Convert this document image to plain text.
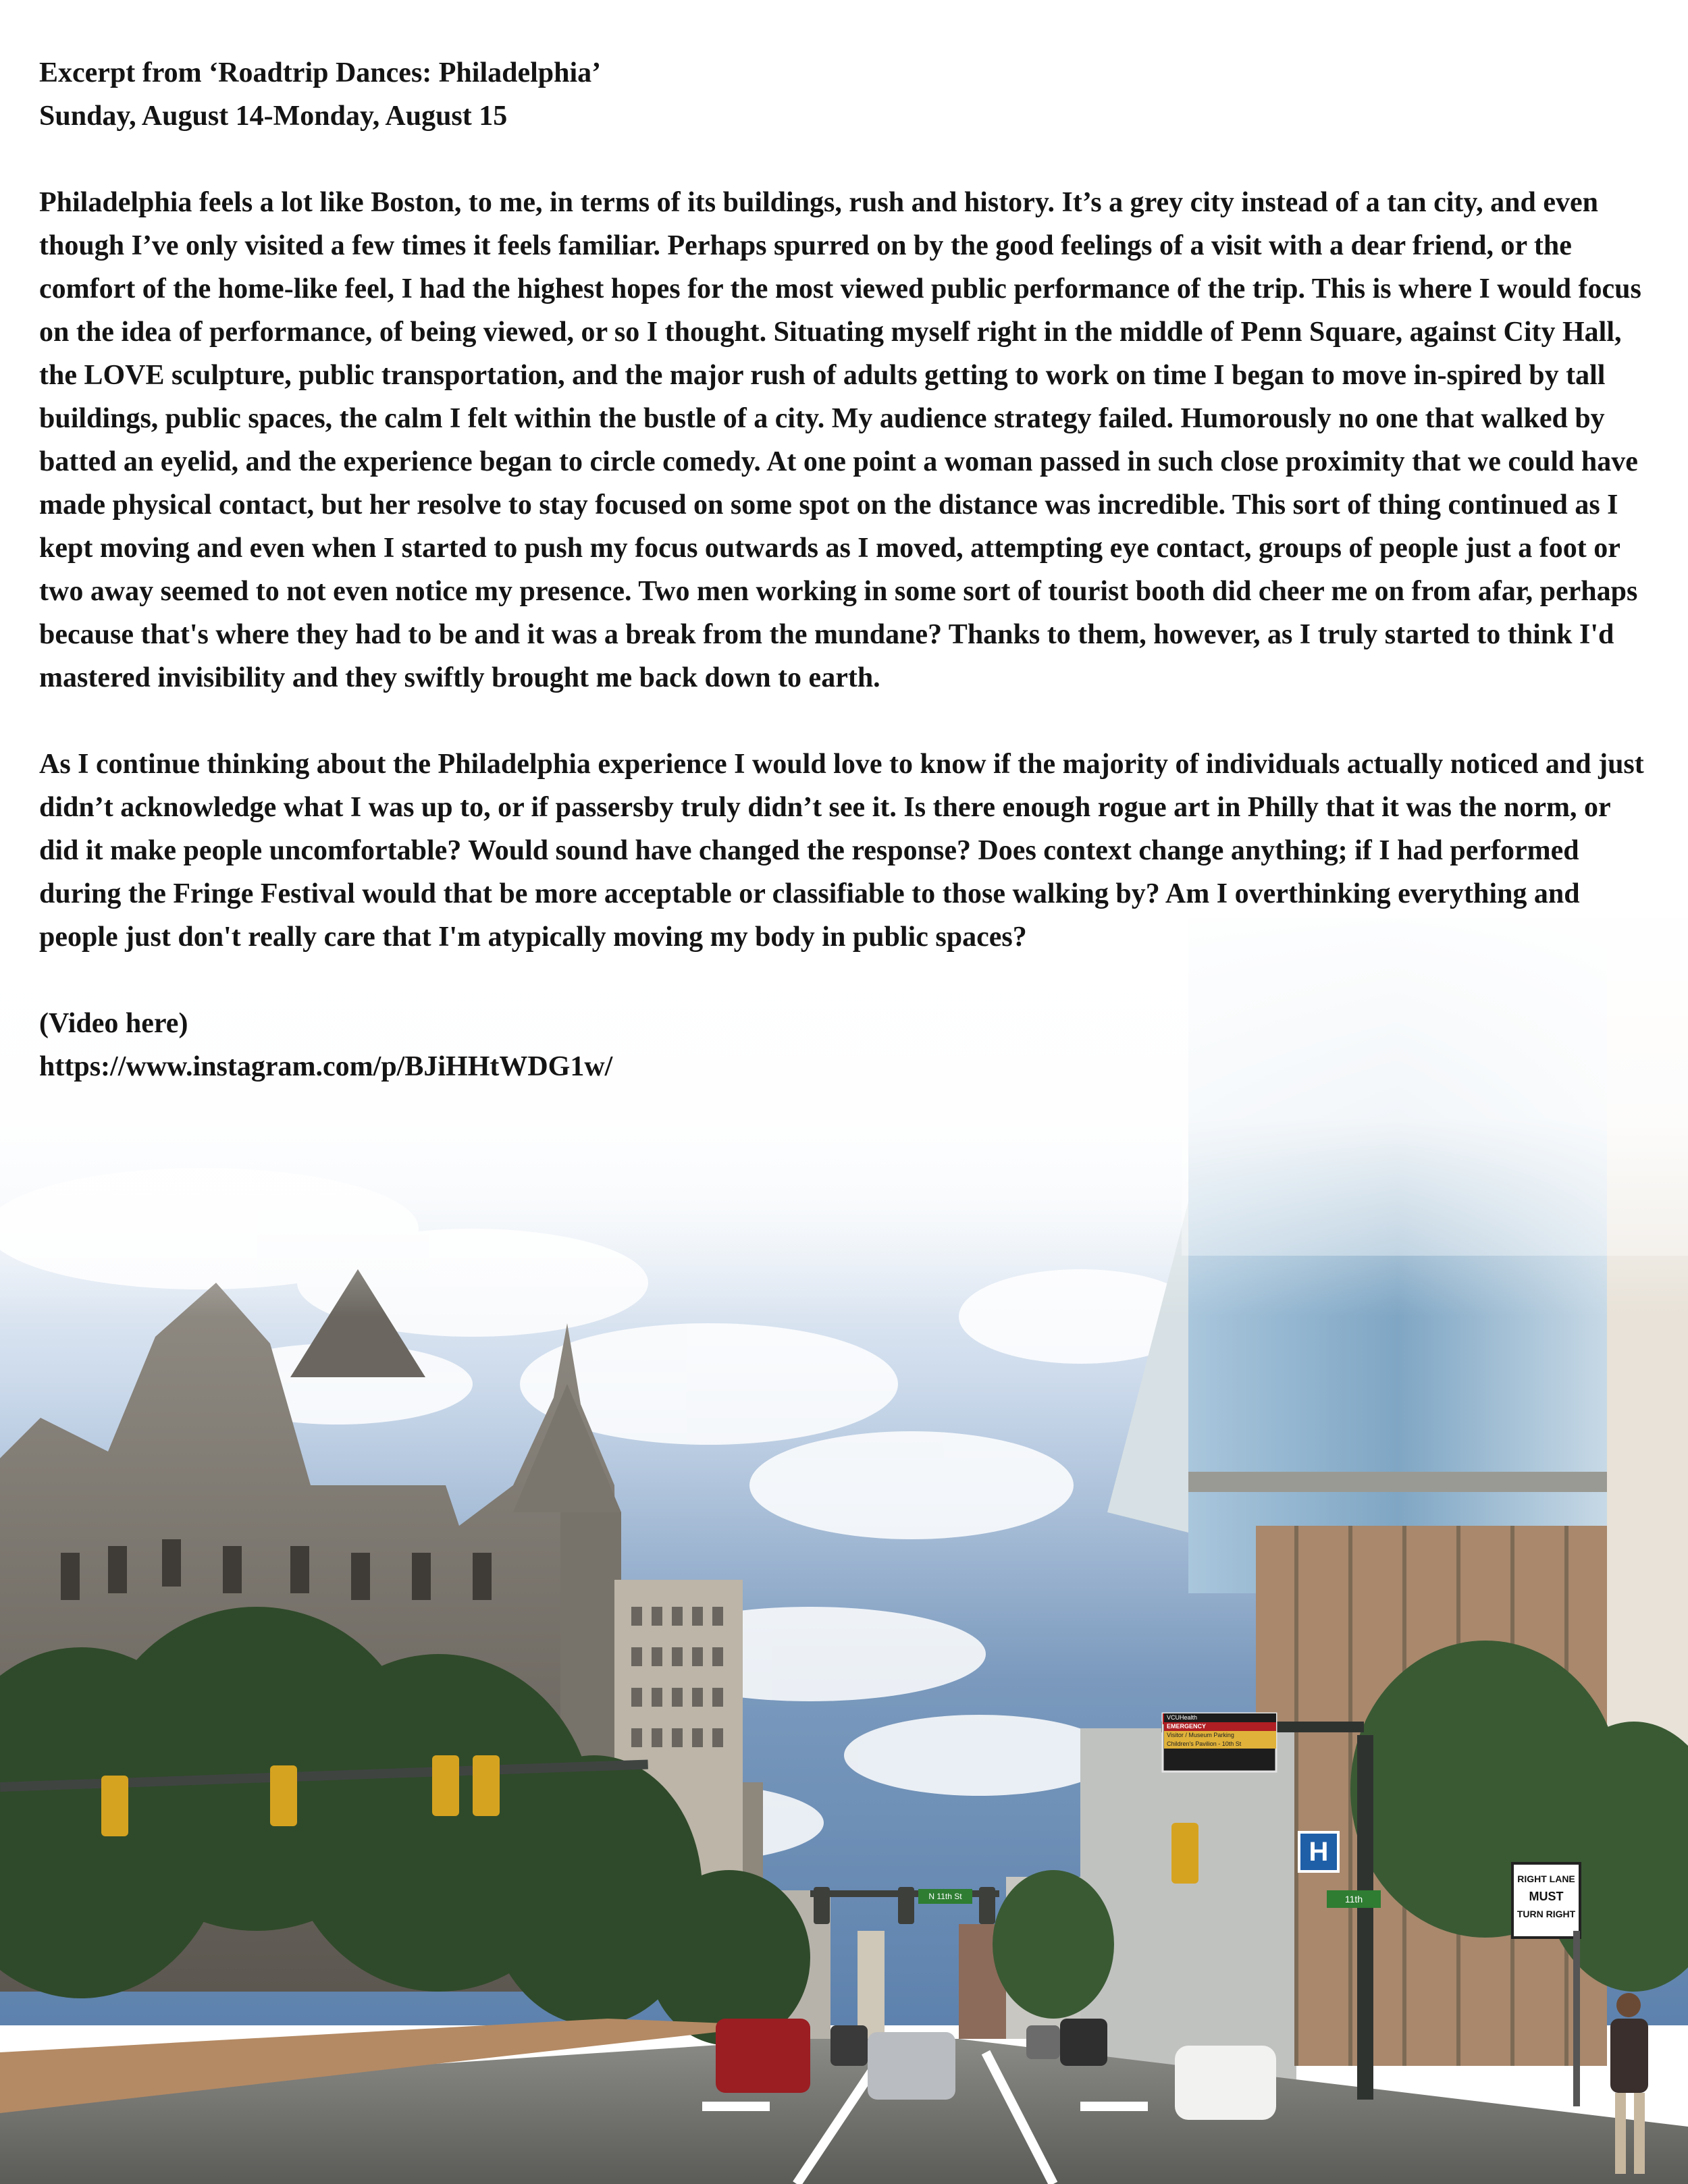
Excerpt from ‘Roadtrip Dances: Philadelphia’

Sunday, August 14-Monday, August 15

Philadelphia feels a lot like Boston, to me, in terms of its buildings, rush and history. It’s a grey city instead of a tan city, and even though I’ve only visited a few times it feels familiar. Perhaps spurred on by the good feelings of a visit with a dear friend, or the comfort of the home-like feel, I had the highest hopes for the most viewed public performance of the trip. This is where I would focus on the idea of performance, of being viewed, or so I thought. Situating myself right in the middle of Penn Square, against City Hall, the LOVE sculpture, public transportation, and the major rush of adults getting to work on time I began to move in-spired by tall buildings, public spaces, the calm I felt within the bustle of a city. My audience strategy failed. Humorously no one that walked by batted an eyelid, and the experience began to circle comedy. At one point a woman passed in such close proximity that we could have made physical contact, but her resolve to stay focused on some spot on the distance was incredible. This sort of thing continued as I kept moving and even when I started to push my focus outwards as I moved, attempting eye contact, groups of people just a foot or two away seemed to not even notice my presence. Two men working in some sort of tourist booth did cheer me on from afar, perhaps because that's where they had to be and it was a break from the mundane? Thanks to them, however, as I truly started to think I'd mastered invisibility and they swiftly brought me back down to earth.

As I continue thinking about the Philadelphia experience I would love to know if the majority of individuals actually noticed and just didn’t acknowledge what I was up to, or if passersby truly didn’t see it. Is there enough rogue art in Philly that it was the norm, or did it make people uncomfortable? Would sound have changed the response? Does context change anything; if I had performed during the Fringe Festival would that be more acceptable or classifiable to those walking by? Am I overthinking everything and people just don't really care that I'm atypically moving my body in public spaces?

(Video here)

https://www.instagram.com/p/BJiHHtWDG1w/

VCUHealth
EMERGENCY
Visitor / Museum Parking
Children's Pavilion - 10th St
H
N 11th St	11th
RIGHT LANE
MUST
TURN RIGHT
